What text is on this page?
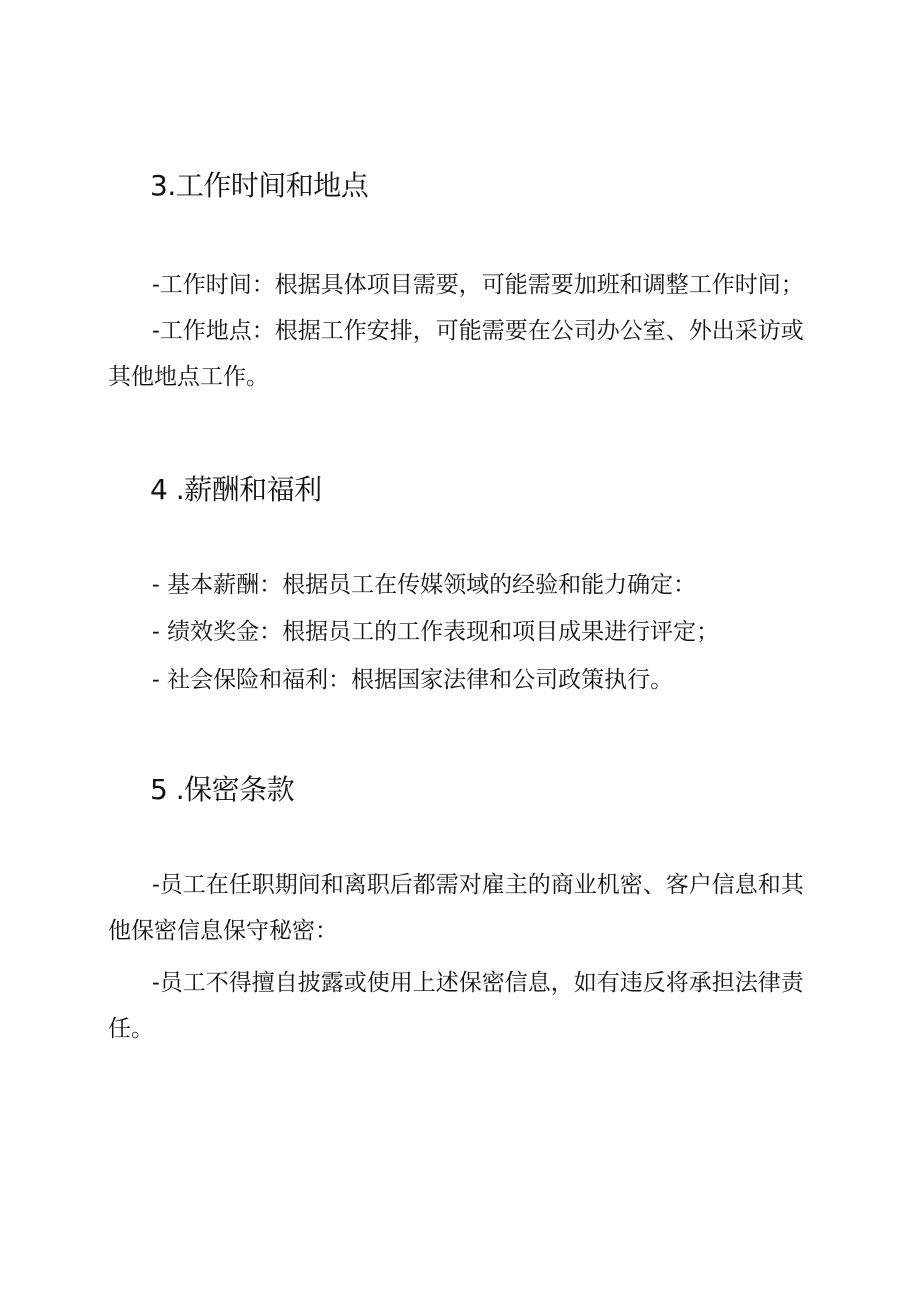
3.工作时间和地点

-工作时间：根据具体项目需要，可能需要加班和调整工作时间；

-工作地点：根据工作安排，可能需要在公司办公室、外出采访或其他地点工作。

4 .薪酬和福利

- 基本薪酬：根据员工在传媒领域的经验和能力确定：

- 绩效奖金：根据员工的工作表现和项目成果进行评定；

- 社会保险和福利：根据国家法律和公司政策执行。

5 .保密条款

-员工在任职期间和离职后都需对雇主的商业机密、客户信息和其他保密信息保守秘密：

-员工不得擅自披露或使用上述保密信息，如有违反将承担法律责任。
